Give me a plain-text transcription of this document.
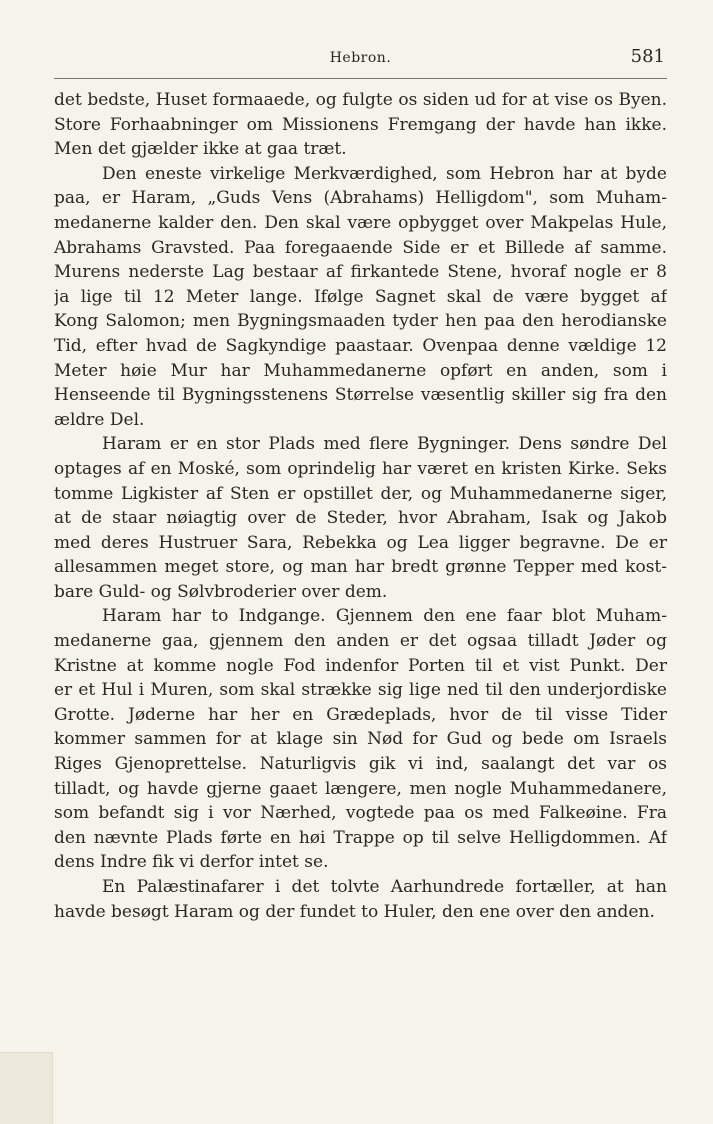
Hebron.	581
det bedste, Huset formaaede, og fulgte os siden ud for at vise os Byen.
Store Forhaabninger om Missionens Fremgang der havde han ikke.
Men det gjælder ikke at gaa træt.
Den eneste virkelige Merkværdighed, som Hebron har at byde
paa, er Haram, „Guds Vens (Abrahams) Helligdom", som Muham-
medanerne kalder den. Den skal være opbygget over Makpelas Hule,
Abrahams Gravsted. Paa foregaaende Side er et Billede af samme.
Murens nederste Lag bestaar af firkantede Stene, hvoraf nogle er 8
ja lige til 12 Meter lange. Ifølge Sagnet skal de være bygget af
Kong Salomon; men Bygningsmaaden tyder hen paa den herodianske
Tid, efter hvad de Sagkyndige paastaar. Ovenpaa denne vældige 12
Meter høie Mur har Muhammedanerne opført en anden, som i
Henseende til Bygningsstenens Størrelse væsentlig skiller sig fra den
ældre Del.
Haram er en stor Plads med flere Bygninger. Dens søndre Del
optages af en Moské, som oprindelig har været en kristen Kirke. Seks
tomme Ligkister af Sten er opstillet der, og Muhammedanerne siger,
at de staar nøiagtig over de Steder, hvor Abraham, Isak og Jakob
med deres Hustruer Sara, Rebekka og Lea ligger begravne. De er
allesammen meget store, og man har bredt grønne Tepper med kost-
bare Guld- og Sølvbroderier over dem.
Haram har to Indgange. Gjennem den ene faar blot Muham-
medanerne gaa, gjennem den anden er det ogsaa tilladt Jøder og
Kristne at komme nogle Fod indenfor Porten til et vist Punkt. Der
er et Hul i Muren, som skal strække sig lige ned til den underjordiske
Grotte. Jøderne har her en Grædeplads, hvor de til visse Tider
kommer sammen for at klage sin Nød for Gud og bede om Israels
Riges Gjenoprettelse. Naturligvis gik vi ind, saalangt det var os
tilladt, og havde gjerne gaaet længere, men nogle Muhammedanere,
som befandt sig i vor Nærhed, vogtede paa os med Falkeøine. Fra
den nævnte Plads førte en høi Trappe op til selve Helligdommen. Af
dens Indre fik vi derfor intet se.
En Palæstinafarer i det tolvte Aarhundrede fortæller, at han
havde besøgt Haram og der fundet to Huler, den ene over den anden.
